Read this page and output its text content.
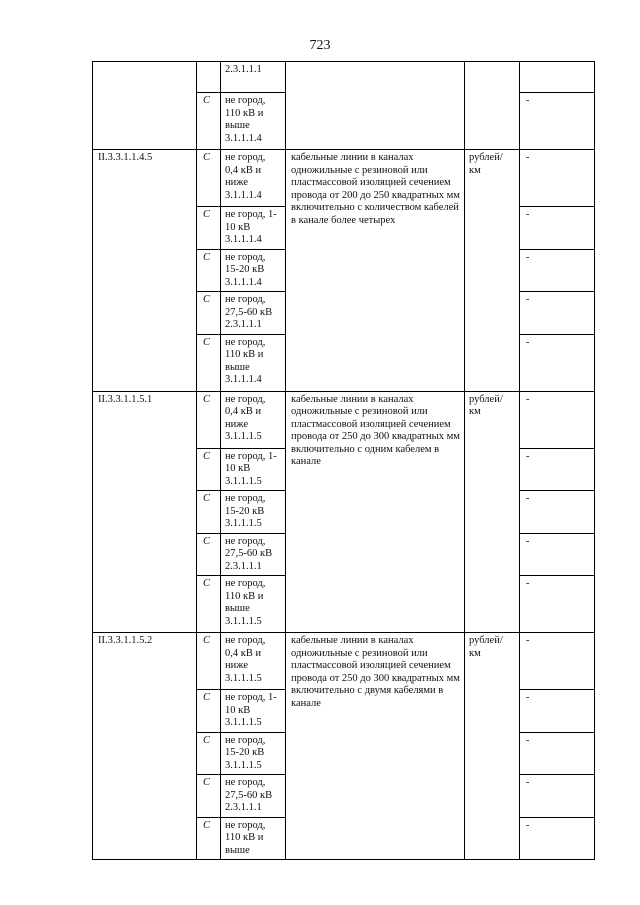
723
		2.3.1.1.1			
	С	не город, 110 кВ и выше 3.1.1.1.4			-
II.3.3.1.1.4.5	С	не город, 0,4 кВ и ниже 3.1.1.1.4	кабельные линии в каналах одножильные с резиновой или пластмассовой изоляцией сечением провода от 200 до 250 квадратных мм включительно с количеством кабелей в канале более четырех	рублей/ км	-
	С	не город, 1-10 кВ 3.1.1.1.4			-
	С	не город, 15-20 кВ 3.1.1.1.4			-
	С	не город, 27,5-60 кВ 2.3.1.1.1			-
	С	не город, 110 кВ и выше 3.1.1.1.4			-
II.3.3.1.1.5.1	С	не город, 0,4 кВ и ниже 3.1.1.1.5	кабельные линии в каналах одножильные с резиновой или пластмассовой изоляцией сечением провода от 250 до 300 квадратных мм включительно с одним кабелем в канале	рублей/ км	-
	С	не город, 1-10 кВ 3.1.1.1.5			-
	С	не город, 15-20 кВ 3.1.1.1.5			-
	С	не город, 27,5-60 кВ 2.3.1.1.1			-
	С	не город, 110 кВ и выше 3.1.1.1.5			-
II.3.3.1.1.5.2	С	не город, 0,4 кВ и ниже 3.1.1.1.5	кабельные линии в каналах одножильные с резиновой или пластмассовой изоляцией сечением провода от 250 до 300 квадратных мм включительно с двумя кабелями в канале	рублей/ км	-
	С	не город, 1-10 кВ 3.1.1.1.5			-
	С	не город, 15-20 кВ 3.1.1.1.5			-
	С	не город, 27,5-60 кВ 2.3.1.1.1			-
	С	не город, 110 кВ и выше			-
